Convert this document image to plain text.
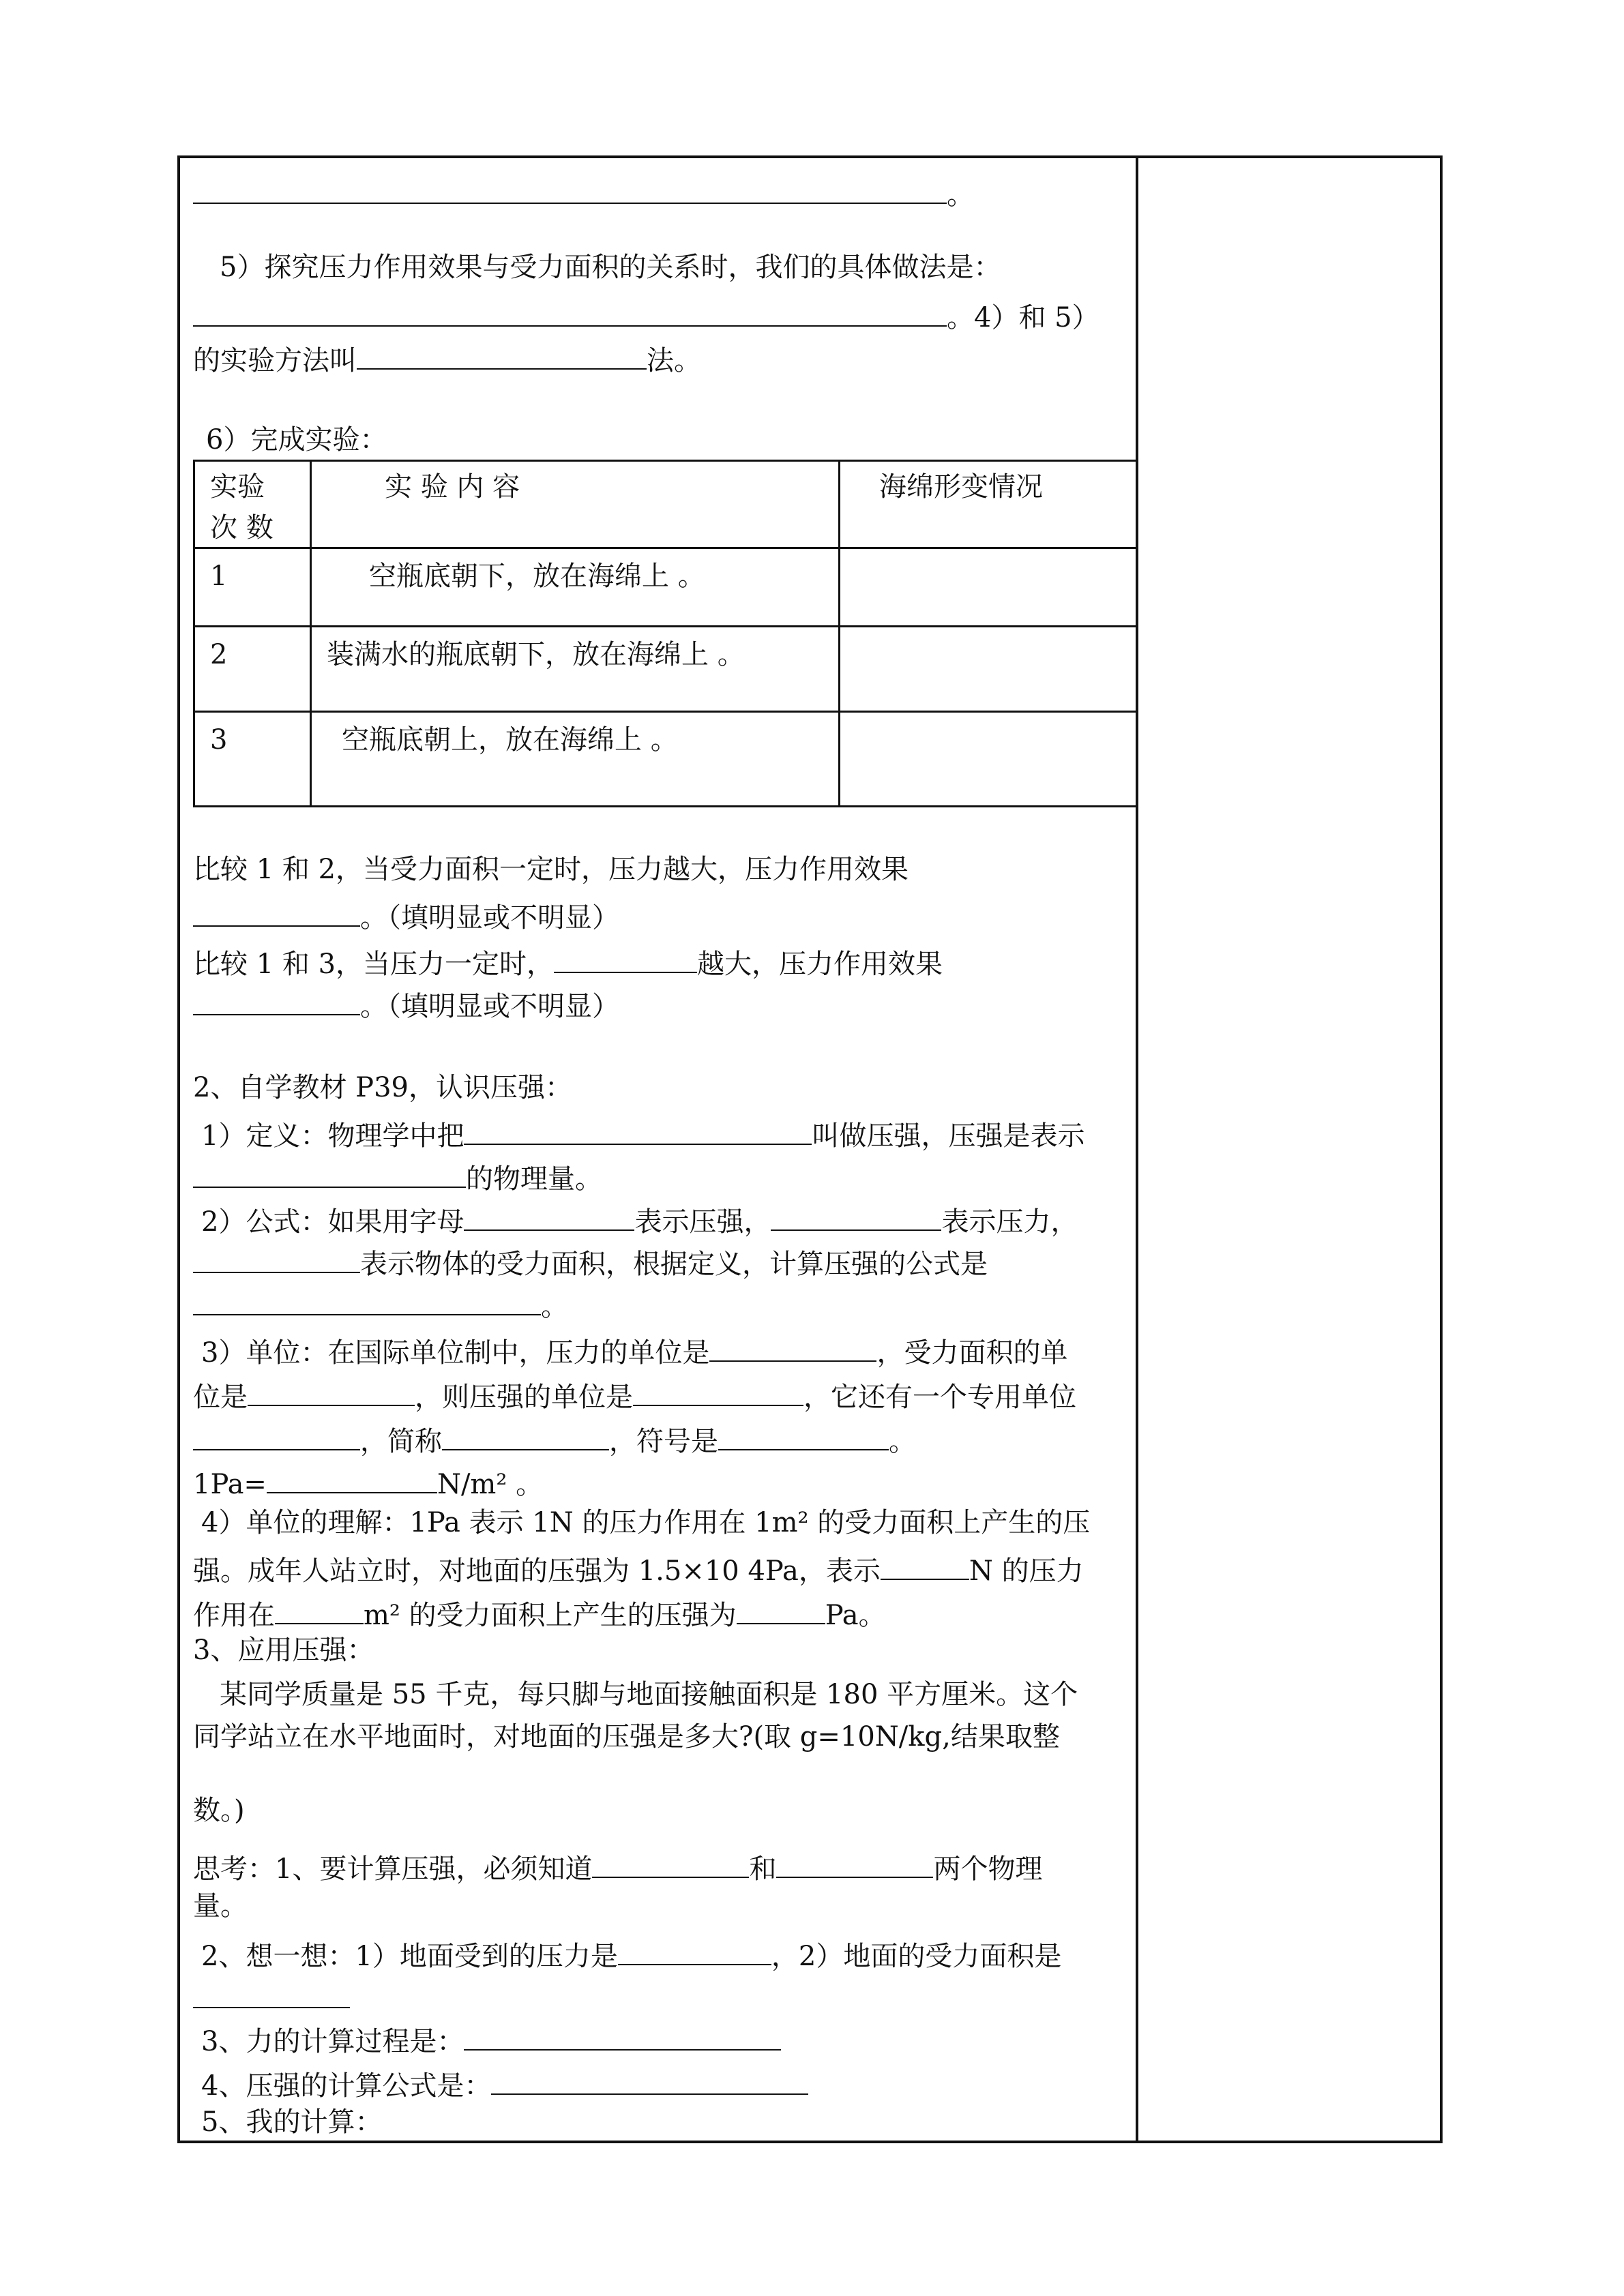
。
5）探究压力作用效果与受力面积的关系时，我们的具体做法是：
。4）和 5）
的实验方法叫	法。
6）完成实验：
实验
次 数
实 验 内 容	海绵形变情况
1	空瓶底朝下，放在海绵上 。
2	装满水的瓶底朝下，放在海绵上 。
3	空瓶底朝上，放在海绵上 。
比较 1 和 2，当受力面积一定时，压力越大，压力作用效果
。（填明显或不明显）
比较 1 和 3，当压力一定时，	越大，压力作用效果
。（填明显或不明显）
2、自学教材 P39，认识压强：
1）定义：物理学中把	叫做压强，压强是表示
的物理量。
2）公式：如果用字母	表示压强，	表示压力，
表示物体的受力面积，根据定义，计算压强的公式是
。
3）单位：在国际单位制中，压力的单位是	，受力面积的单
位是	，则压强的单位是	，它还有一个专用单位
，简称	，符号是	。
1Pa=	N/m² 。
4）单位的理解：1Pa 表示 1N 的压力作用在 1m² 的受力面积上产生的压
强。成年人站立时，对地面的压强为 1.5×10 4Pa，表示	N 的压力
作用在	m² 的受力面积上产生的压强为	Pa。
3、应用压强：
某同学质量是 55 千克，每只脚与地面接触面积是 180 平方厘米。这个
同学站立在水平地面时，对地面的压强是多大?(取 g=10N/kg,结果取整
数。)
思考：1、要计算压强，必须知道	和	两个物理
量。
2、想一想：1）地面受到的压力是	，2）地面的受力面积是
3、力的计算过程是：
4、压强的计算公式是：
5、我的计算：
